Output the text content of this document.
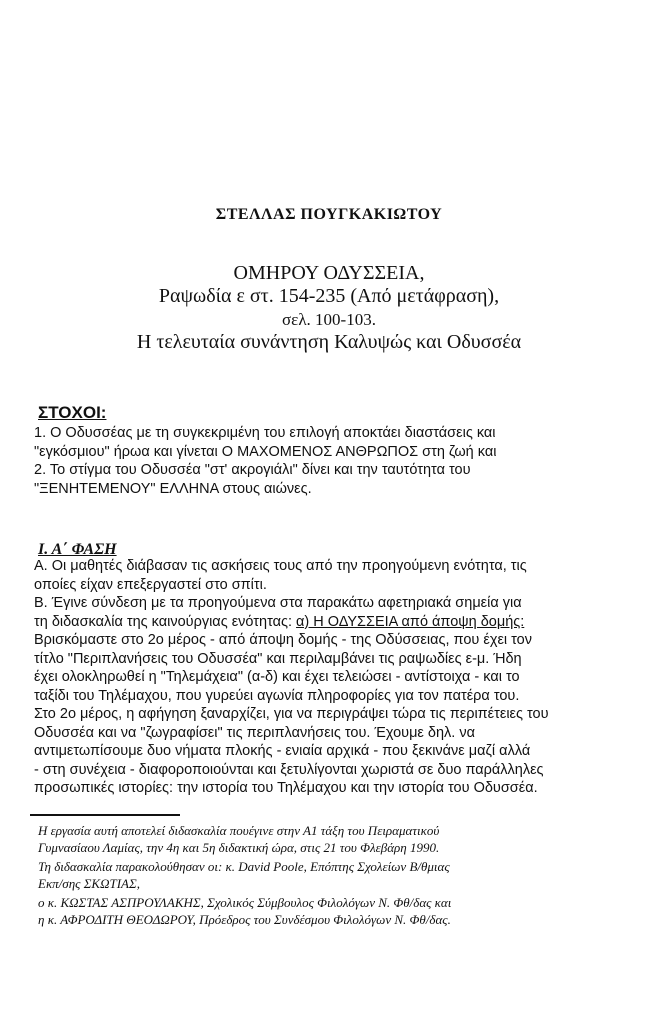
ΣΤΕΛΛΑΣ ΠΟΥΓΚΑΚΙΩΤΟΥ
ΟΜΗΡΟΥ ΟΔΥΣΣΕΙΑ,
Ραψωδία ε στ. 154-235 (Από μετάφραση),
σελ. 100-103.
Η τελευταία συνάντηση Καλυψώς και Οδυσσέα
ΣΤΟΧΟΙ:

1. Ο Οδυσσέας με τη συγκεκριμένη του επιλογή αποκτάει διαστάσεις και

"εγκόσμιου" ήρωα και γίνεται Ο ΜΑΧΟΜΕΝΟΣ ΑΝΘΡΩΠΟΣ στη ζωή και

2. Το στίγμα του Οδυσσέα "στ' ακρογιάλι" δίνει και την ταυτότητα του

"ΞΕΝΗΤΕΜΕΝΟΥ" ΕΛΛΗΝΑ στους αιώνες.

Ι. Α΄ ΦΑΣΗ

Α. Οι μαθητές διάβασαν τις ασκήσεις τους από την προηγούμενη ενότητα, τις

οποίες είχαν επεξεργαστεί στο σπίτι.

Β. Έγινε σύνδεση με τα προηγούμενα στα παρακάτω αφετηριακά σημεία για

τη διδασκαλία της καινούργιας ενότητας: α) Η ΟΔΥΣΣΕΙΑ από άποψη δομής:

Βρισκόμαστε στο 2ο μέρος - από άποψη δομής - της Οδύσσειας, που έχει τον

τίτλο "Περιπλανήσεις του Οδυσσέα" και περιλαμβάνει τις ραψωδίες ε-μ. Ήδη

έχει ολοκληρωθεί η "Τηλεμάχεια" (α-δ) και έχει τελειώσει - αντίστοιχα - και το

ταξίδι του Τηλέμαχου, που γυρεύει αγωνία πληροφορίες για τον πατέρα του.

Στο 2ο μέρος, η αφήγηση ξαναρχίζει, για να περιγράψει τώρα τις περιπέτειες του

Οδυσσέα και να "ζωγραφίσει" τις περιπλανήσεις του. Έχουμε δηλ. να

αντιμετωπίσουμε δυο νήματα πλοκής - ενιαία αρχικά - που ξεκινάνε μαζί αλλά

- στη συνέχεια - διαφοροποιούνται και ξετυλίγονται χωριστά σε δυο παράλληλες

προσωπικές ιστορίες: την ιστορία του Τηλέμαχου και την ιστορία του Οδυσσέα.

Η εργασία αυτή αποτελεί διδασκαλία πουέγινε στην Α1 τάξη του Πειραματικού

Γυμνασίαου Λαμίας, την 4η και 5η διδακτική ώρα, στις 21 του Φλεβάρη 1990.

Τη διδασκαλία παρακολούθησαν οι: κ. David Poole, Επόπτης Σχολείων Β/θμιας

Εκπ/σης ΣΚΩΤΙΑΣ,

ο κ. ΚΩΣΤΑΣ ΑΣΠΡΟΥΛΑΚΗΣ, Σχολικός Σύμβουλος Φιλολόγων Ν. Φθ/δας και

η κ. ΑΦΡΟΔΙΤΗ ΘΕΟΔΩΡΟΥ, Πρόεδρος του Συνδέσμου Φιλολόγων Ν. Φθ/δας.
